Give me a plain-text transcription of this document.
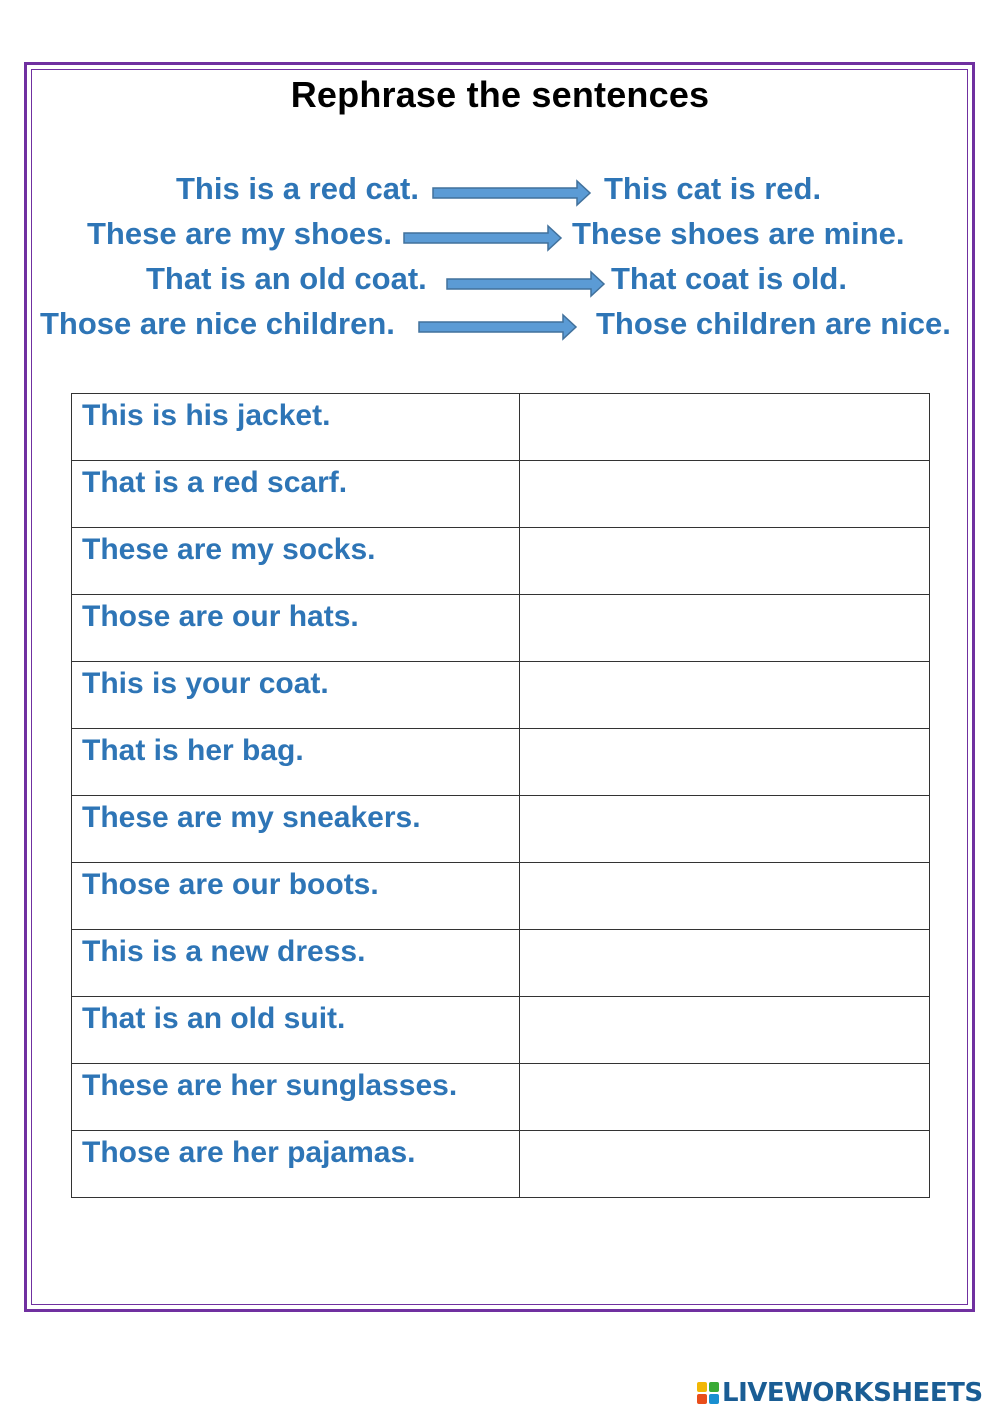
Rephrase the sentences
This is a red cat.	This cat is red.
These are my shoes.	These shoes are mine.
That is an old coat.	That coat is old.
Those are nice children.	Those children are nice.
This is his jacket.	
That is a red scarf.	
These are my socks.	
Those are our hats.	
This is your coat.	
That is her bag.	
These are my sneakers.	
Those are our boots.	
This is a new dress.	
That is an old suit.	
These are her sunglasses.	
Those are her pajamas.	
LIVEWORKSHEETS
